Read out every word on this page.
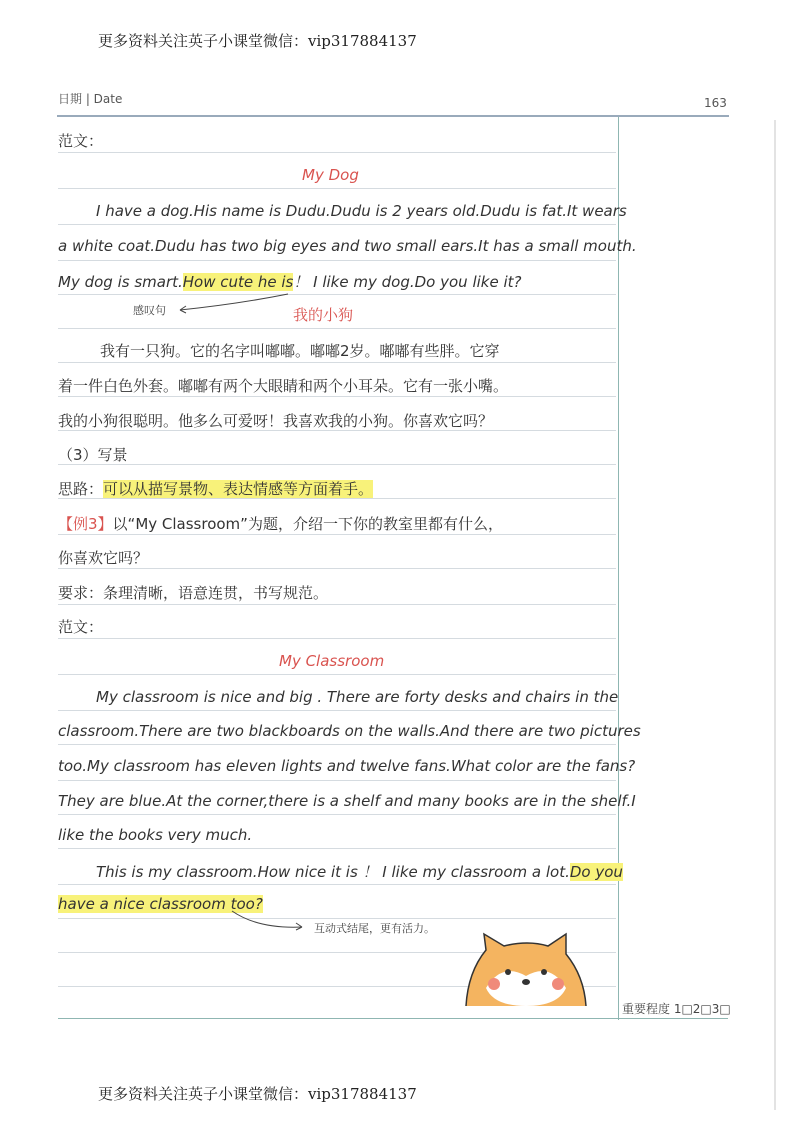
更多资料关注英子小课堂微信：vip317884137
日期 | Date	163
范文：
My Dog
I have a dog.His name is Dudu.Dudu is 2 years old.Dudu is fat.It wears
a white coat.Dudu has two big eyes and two small ears.It has a small mouth.
My dog is smart.How cute he is！ I like my dog.Do you like it?
感叹句	我的小狗
我有一只狗。它的名字叫嘟嘟。嘟嘟2岁。嘟嘟有些胖。它穿
着一件白色外套。嘟嘟有两个大眼睛和两个小耳朵。它有一张小嘴。
我的小狗很聪明。他多么可爱呀！我喜欢我的小狗。你喜欢它吗？
（3）写景
思路：可以从描写景物、表达情感等方面着手。
【例3】以“My Classroom”为题，介绍一下你的教室里都有什么，
你喜欢它吗？
要求：条理清晰，语意连贯，书写规范。
范文：
My Classroom
My classroom is nice and big . There are forty desks and chairs in the
classroom.There are two blackboards on the walls.And there are two pictures
too.My classroom has eleven lights and twelve fans.What color are the fans?
They are blue.At the corner,there is a shelf and many books are in the shelf.I
like the books very much.
This is my classroom.How nice it is ！ I like my classroom a lot.Do you
have a nice classroom too?
互动式结尾，更有活力。
重要程度 1□2□3□
更多资料关注英子小课堂微信：vip317884137
